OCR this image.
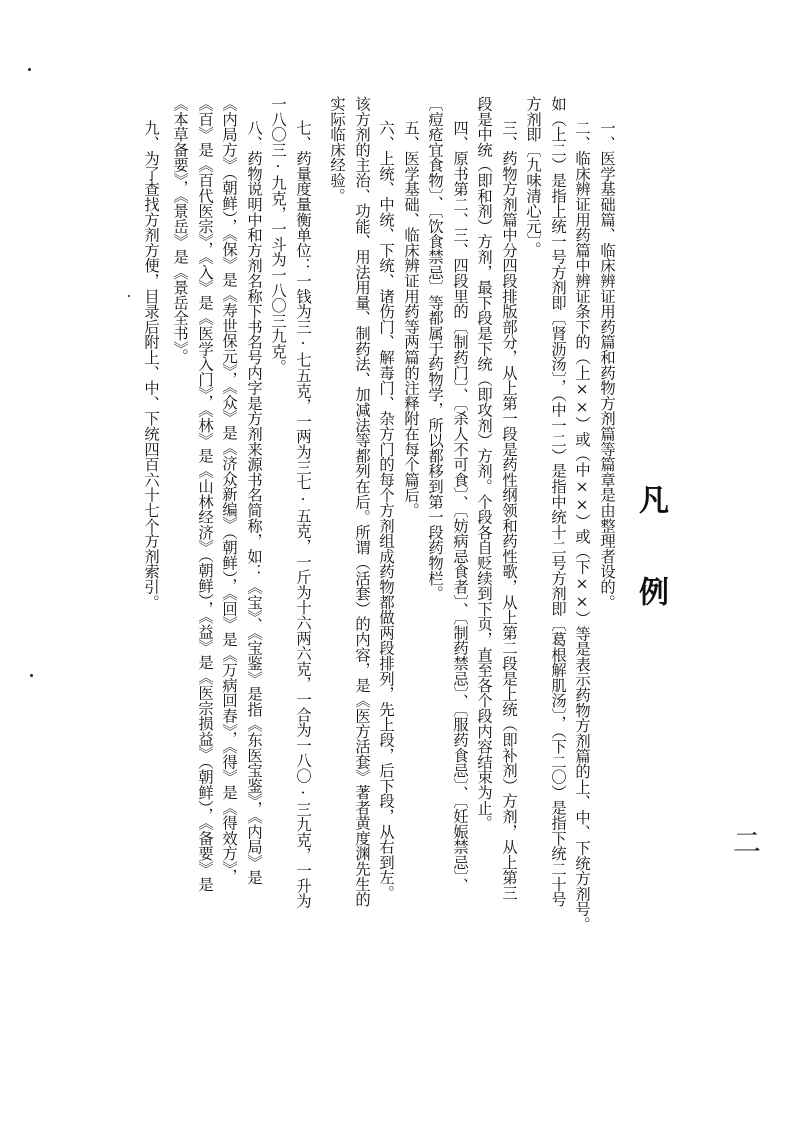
凡例
二
一、医学基础篇、临床辨证用药篇和药物方剂篇等篇章是由整理者设的。
二、临床辨证用药篇中辨证条下的（上××）或（中××）或（下××）等是表示药物方剂篇的上、中、下统方剂号。
如（上二）是指上统一号方剂即〔肾沥汤〕，（中一二）是指中统十二号方剂即〔葛根解肌汤〕，（下二〇）是指下统二十号
方剂即〔九味清心元〕。
三、药物方剂篇中分四段排版部分，从上第一段是药性纲领和药性歌，从上第二段是上统（即补剂）方剂，从上第三
段是中统（即和剂）方剂，最下段是下统（即攻剂）方剂。个段各自贬续到下页，直至各个段内容结束为止。
四、原书第二、三、四段里的〔制药门〕、〔杀人不可食〕、〔妨病忌食者〕、〔制药禁忌〕、〔服药食忌〕、〔妊娠禁忌〕、
〔痘疮宜食物〕、〔饮食禁忌〕等都属于药物学，所以都移到第一段药物栏。
五、医学基础、临床辨证用药等两篇的注释附在每个篇后。
六、上统、中统、下统、诸伤门、解毒门、杂方门的每个方剂组成药物都做两段排列，先上段，后下段，从右到左。
该方剂的主治、功能、用法用量、制药法、加减法等都列在后。所谓（活套）的内容，是《医方活套》著者黄度渊先生的
实际临床经验。
七、药量度量衡单位：一钱为三·七五克，一两为三七·五克，一斤为十六两六克，一合为一八〇·三九克，一升为
一八〇三·九克，一斗为一八〇三九克。
八、药物说明中和方剂名称下书名号内字是方剂来源书名简称，如：《宝》、《宝鉴》是指《东医宝鉴》，《内局》是
《内局方》（朝鲜），《保》是《寿世保元》，《众》是《济众新编》（朝鲜），《回》是《万病回春》，《得》是《得效方》，
《百》是《百代医宗》，《入》是《医学入门》，《林》是《山林经济》（朝鲜），《益》是《医宗损益》（朝鲜），《备要》是
《本草备要》，《景岳》是《景岳全书》。
九、为了查找方剂方便，目录后附上、中、下统四百六十七个方剂索引。
